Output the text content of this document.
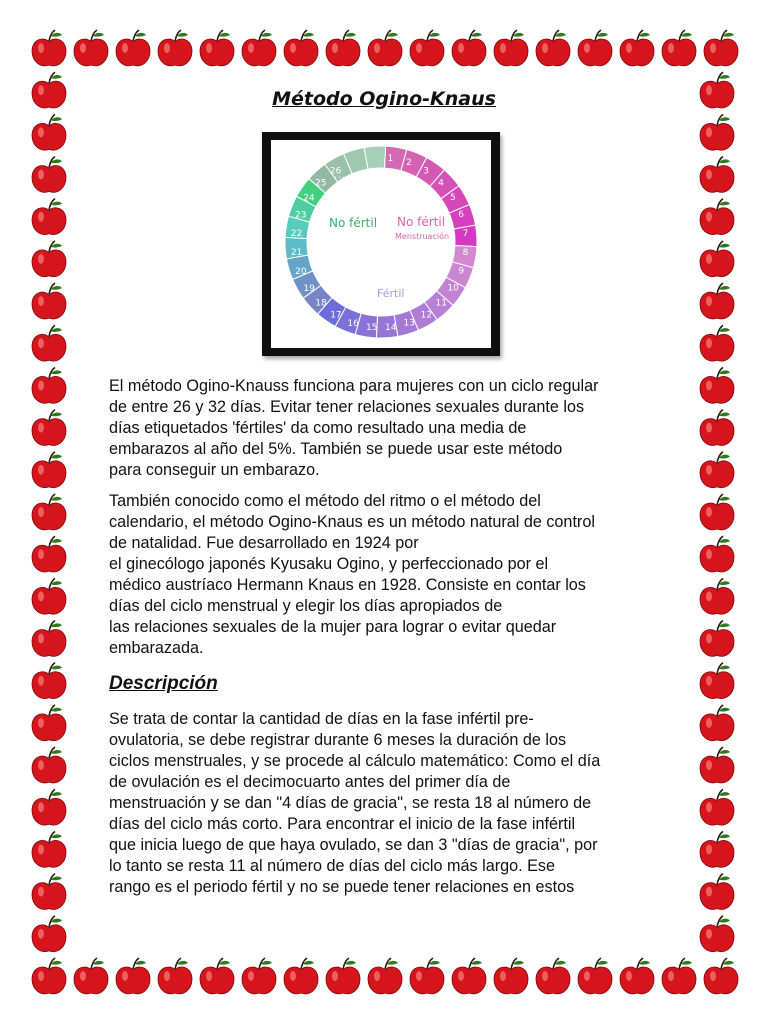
Método Ogino-Knaus
1 2
3
4
5
6
7
8
9
10
11
12
13
14
15
16
17
18
19
20
21
22
23
24
25
26
• • •
No fértil No fértil
Menstruación
Fértil

El método Ogino-Knauss funciona para mujeres con un ciclo regular
de entre 26 y 32 días. Evitar tener relaciones sexuales durante los
días etiquetados 'fértiles' da como resultado una media de
embarazos al año del 5%. También se puede usar este método
para conseguir un embarazo.

También conocido como el método del ritmo o el método del
calendario, el método Ogino-Knaus es un método natural de control
de natalidad. Fue desarrollado en 1924 por
el ginecólogo japonés Kyusaku Ogino, y perfeccionado por el
médico austríaco Hermann Knaus en 1928. Consiste en contar los
días del ciclo menstrual y elegir los días apropiados de
las relaciones sexuales de la mujer para lograr o evitar quedar
embarazada.

Descripción

Se trata de contar la cantidad de días en la fase infértil pre-
ovulatoria, se debe registrar durante 6 meses la duración de los
ciclos menstruales, y se procede al cálculo matemático: Como el día
de ovulación es el decimocuarto antes del primer día de
menstruación y se dan "4 días de gracia", se resta 18 al número de
días del ciclo más corto. Para encontrar el inicio de la fase infértil
que inicia luego de que haya ovulado, se dan 3 "días de gracia", por
lo tanto se resta 11 al número de días del ciclo más largo. Ese
rango es el periodo fértil y no se puede tener relaciones en estos
